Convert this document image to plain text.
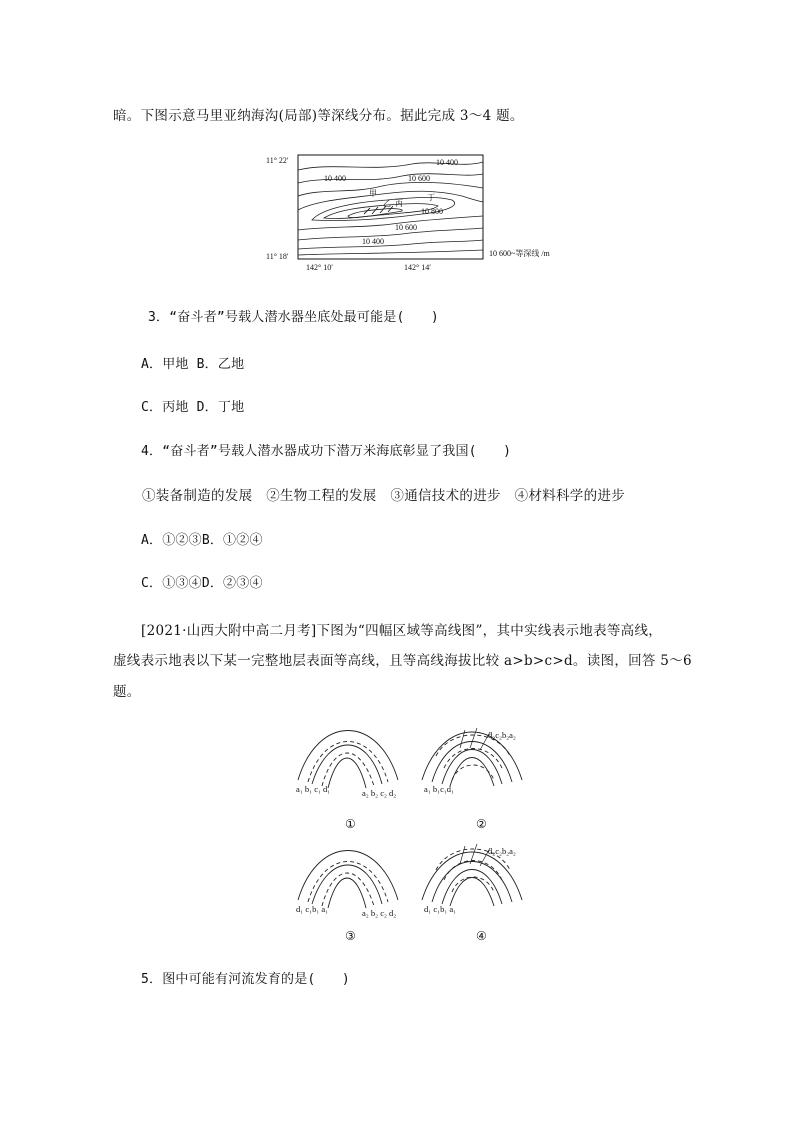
暗。下图示意马里亚纳海沟(局部)等深线分布。据此完成 3～4 题。
11° 22′
11° 18′
10 400
10 400	10 600
10 800
10 600
10 400
甲
乙 丙
丁
142° 10′	142° 14′
10 600~等深线 /m
3．“奋斗者”号载人潜水器坐底处最可能是(　　)
A．甲地 B．乙地
C．丙地 D．丁地
4．“奋斗者”号载人潜水器成功下潜万米海底彰显了我国(　　)
①装备制造的发展　②生物工程的发展　③通信技术的进步　④材料科学的进步
A．①②③B．①②④
C．①③④D．②③④
[2021·山西大附中高二月考]下图为“四幅区域等高线图”，其中实线表示地表等高线，
虚线表示地表以下某一完整地层表面等高线，且等高线海拔比较 a>b>c>d。读图，回答 5～6
题。
a₁ b₁ c₁ d₁	a₂ b₂ c₂ d₂
①
a₁ b₁c₁d₁
d₂c₂b₂a₂
②
d₁ c₁b₁ a₁	a₂ b₂ c₂ d₂
③
d₁ c₁b₁ a₁
d₂c₂b₂a₂
④
5．图中可能有河流发育的是(　　)
